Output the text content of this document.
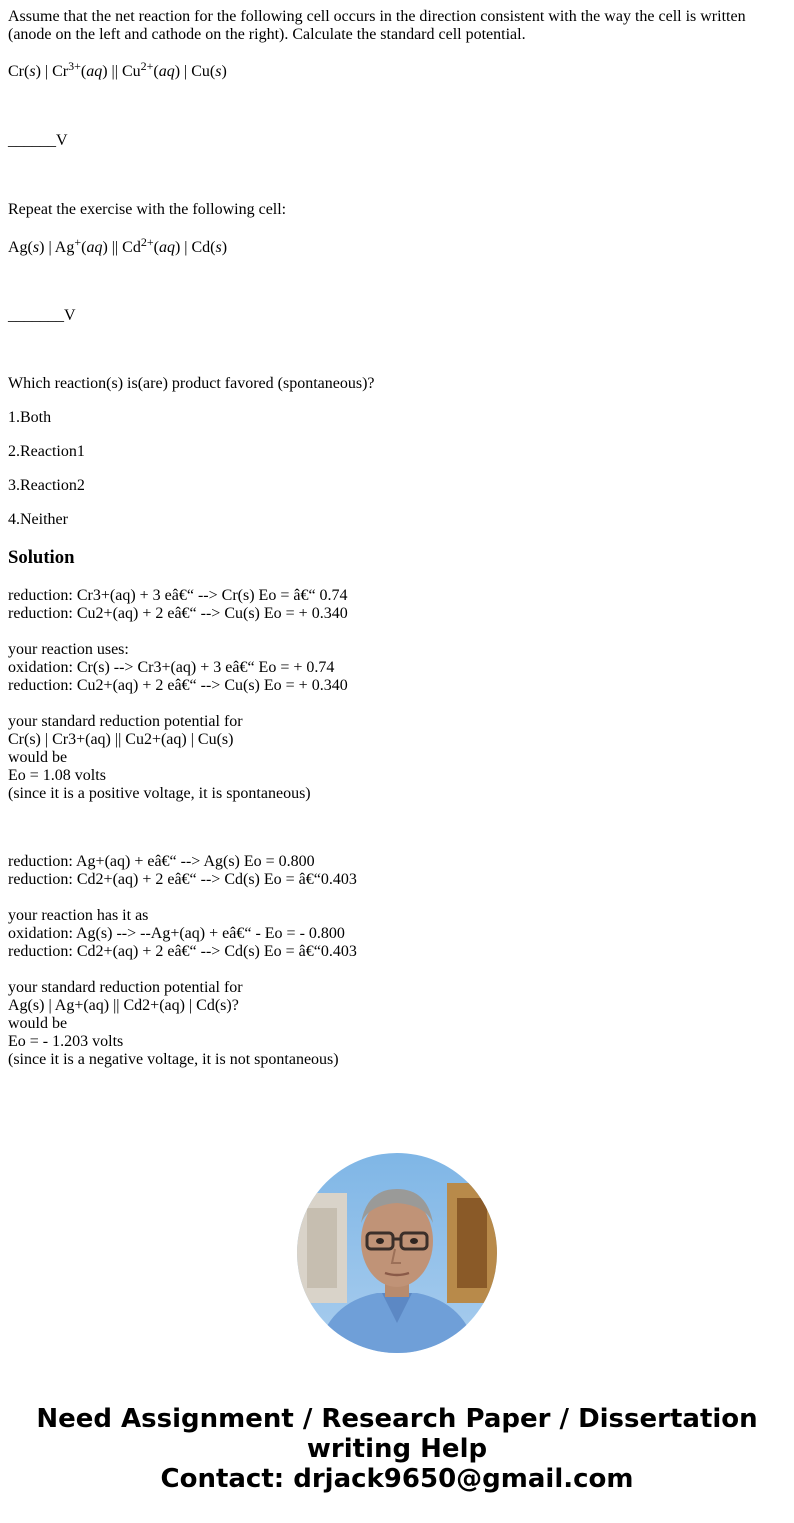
Assume that the net reaction for the following cell occurs in the direction consistent with the way the cell is written (anode on the left and cathode on the right). Calculate the standard cell potential.

Cr(s) | $Cr^{3+}(aq)$ || $Cu^{2+}(aq)$ | Cu(s)

______V

Repeat the exercise with the following cell:

Ag(s) | Ag+(aq) || $Cd^{2+}(aq)$ | Cd(s)

_______V

Which reaction(s) is(are) product favored (spontaneous)?

1.Both

2.Reaction1

3.Reaction2

4.Neither

Solution
reduction: Cr3+(aq) + 3 eâ€“ --> Cr(s) Eo = â€“ 0.74
reduction: Cu2+(aq) + 2 eâ€“ --> Cu(s) Eo = + 0.340
your reaction uses:
oxidation: Cr(s) --> Cr3+(aq) + 3 eâ€“ Eo = + 0.74
reduction: Cu2+(aq) + 2 eâ€“ --> Cu(s) Eo = + 0.340
your standard reduction potential for
Cr(s) | Cr3+(aq) || Cu2+(aq) | Cu(s)
would be
Eo = 1.08 volts
(since it is a positive voltage, it is spontaneous)
reduction: Ag+(aq) + eâ€“ --> Ag(s) Eo = 0.800
reduction: Cd2+(aq) + 2 eâ€“ --> Cd(s) Eo = â€“0.403
your reaction has it as
oxidation: Ag(s) --> --Ag+(aq) + eâ€“ - Eo = - 0.800
reduction: Cd2+(aq) + 2 eâ€“ --> Cd(s) Eo = â€“0.403
your standard reduction potential for
Ag(s) | Ag+(aq) || Cd2+(aq) | Cd(s)?
would be
Eo = - 1.203 volts
(since it is a negative voltage, it is not spontaneous)
Need Assignment / Research Paper / Dissertation
writing Help
Contact: drjack9650@gmail.com
